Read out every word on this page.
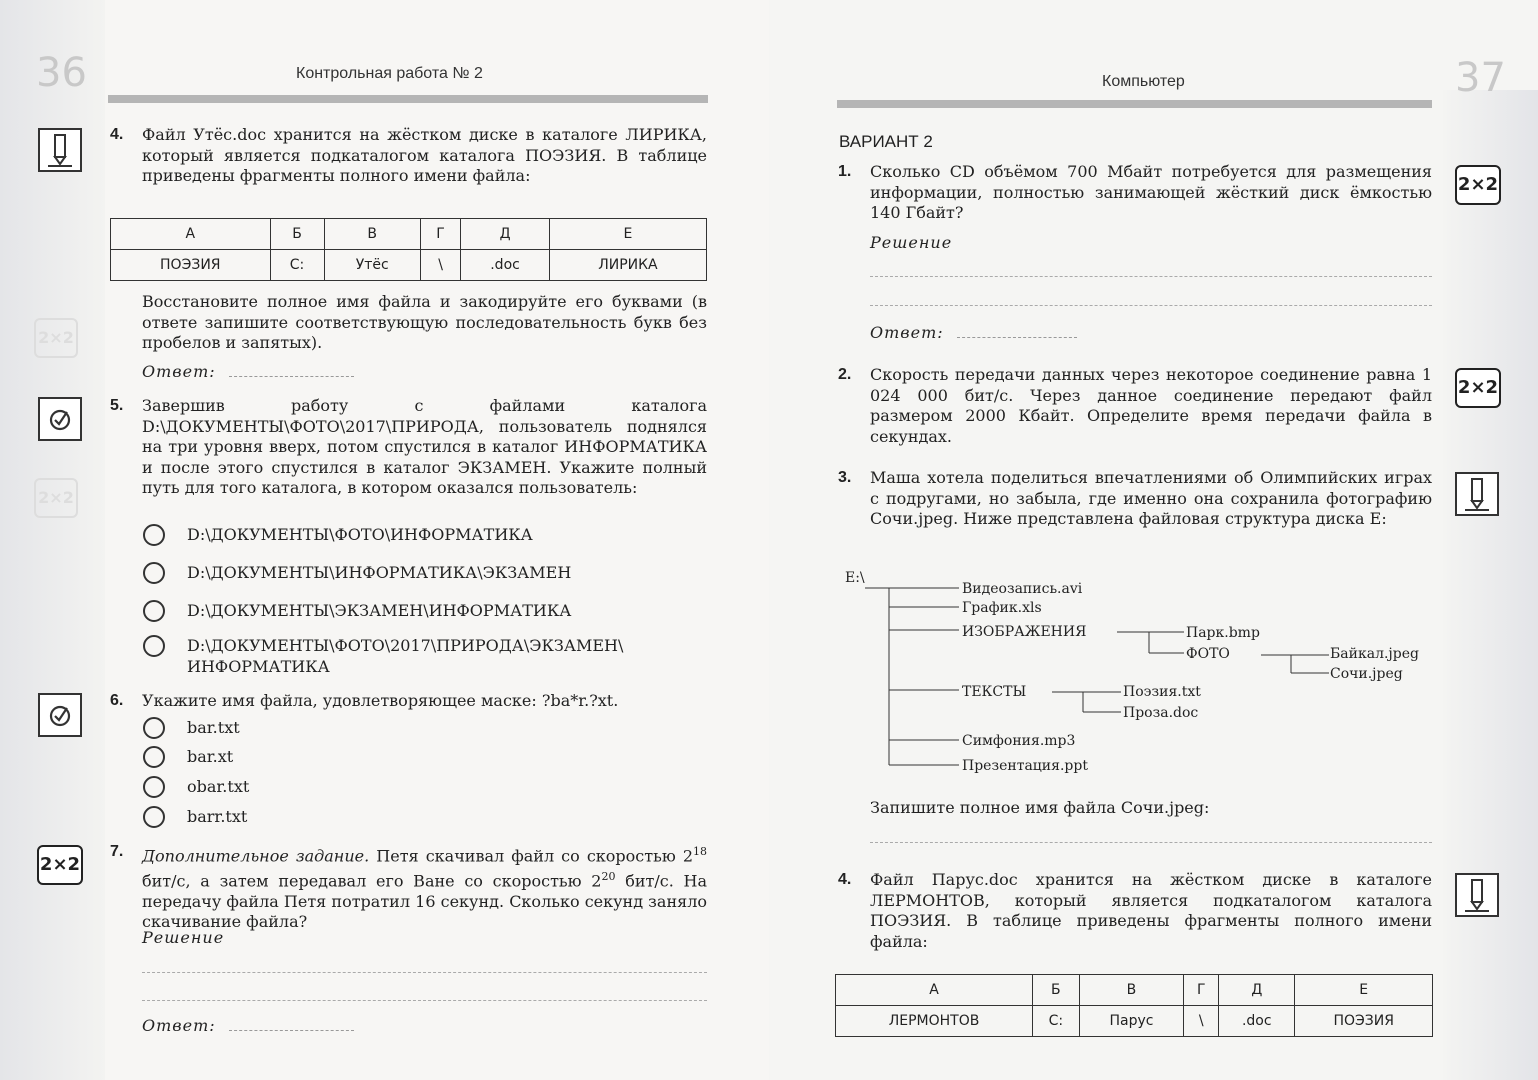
36	Контрольная работа № 2
2×2
2×2
4. Файл Утёс.doc хранится на жёстком диске в каталоге ЛИРИКА, который является подкаталогом каталога ПОЭЗИЯ. В таблице приведены фрагменты полного имени файла:
А	Б	В	Г	Д	Е
ПОЭЗИЯ	C:	Утёс	\	.doc	ЛИРИКА
Восстановите полное имя файла и закодируйте его буквами (в ответе запишите соответствующую последовательность букв без пробелов и запятых).
Ответ:
5. Завершив работу с файлами каталога D:\ДОКУМЕНТЫ\ФОТО\2017\ПРИРОДА, пользователь поднялся на три уровня вверх, потом спустился в каталог ИНФОРМАТИКА и после этого спустился в каталог ЭКЗАМЕН. Укажите полный путь для того каталога, в котором оказался пользователь:
D:\ДОКУМЕНТЫ\ФОТО\ИНФОРМАТИКА
D:\ДОКУМЕНТЫ\ИНФОРМАТИКА\ЭКЗАМЕН
D:\ДОКУМЕНТЫ\ЭКЗАМЕН\ИНФОРМАТИКА
D:\ДОКУМЕНТЫ\ФОТО\2017\ПРИРОДА\ЭКЗАМЕН\
ИНФОРМАТИКА
6. Укажите имя файла, удовлетворяющее маске: ?ba*r.?xt.
bar.txt
bar.xt
obar.txt
barr.txt
2×2
7. Дополнительное задание. Петя скачивал файл со скоростью $2^{18}$ бит/с, а затем передавал его Ване со скоростью $2^{20}$ бит/с. На передачу файла Петя потратил 16 секунд. Сколько секунд заняло скачивание файла?
Решение
Ответ:
37
Компьютер
ВАРИАНТ 2
2×2
1. Сколько CD объёмом 700 Мбайт потребуется для размещения информации, полностью занимающей жёсткий диск ёмкостью 140 Гбайт?
Решение
Ответ:
2×2
2. Скорость передачи данных через некоторое соединение равна 1 024 000 бит/с. Через данное соединение передают файл размером 2000 Кбайт. Определите время передачи файла в секундах.
3. Маша хотела поделиться впечатлениями об Олимпийских играх с подругами, но забыла, где именно она сохранила фотографию Сочи.jpeg. Ниже представлена файловая структура диска E:
E:\
Видеозапись.avi
График.xls
ИЗОБРАЖЕНИЯ	Парк.bmp
ФОТО	Байкал.jpeg
Сочи.jpeg
ТЕКСТЫ	Поэзия.txt
Проза.doc
Симфония.mp3
Презентация.ppt
Запишите полное имя файла Сочи.jpeg:
4. Файл Парус.doc хранится на жёстком диске в каталоге ЛЕРМОНТОВ, который является подкаталогом каталога ПОЭЗИЯ. В таблице приведены фрагменты полного имени файла:
А	Б	В	Г	Д	Е
ЛЕРМОНТОВ	C:	Парус	\	.doc	ПОЭЗИЯ
